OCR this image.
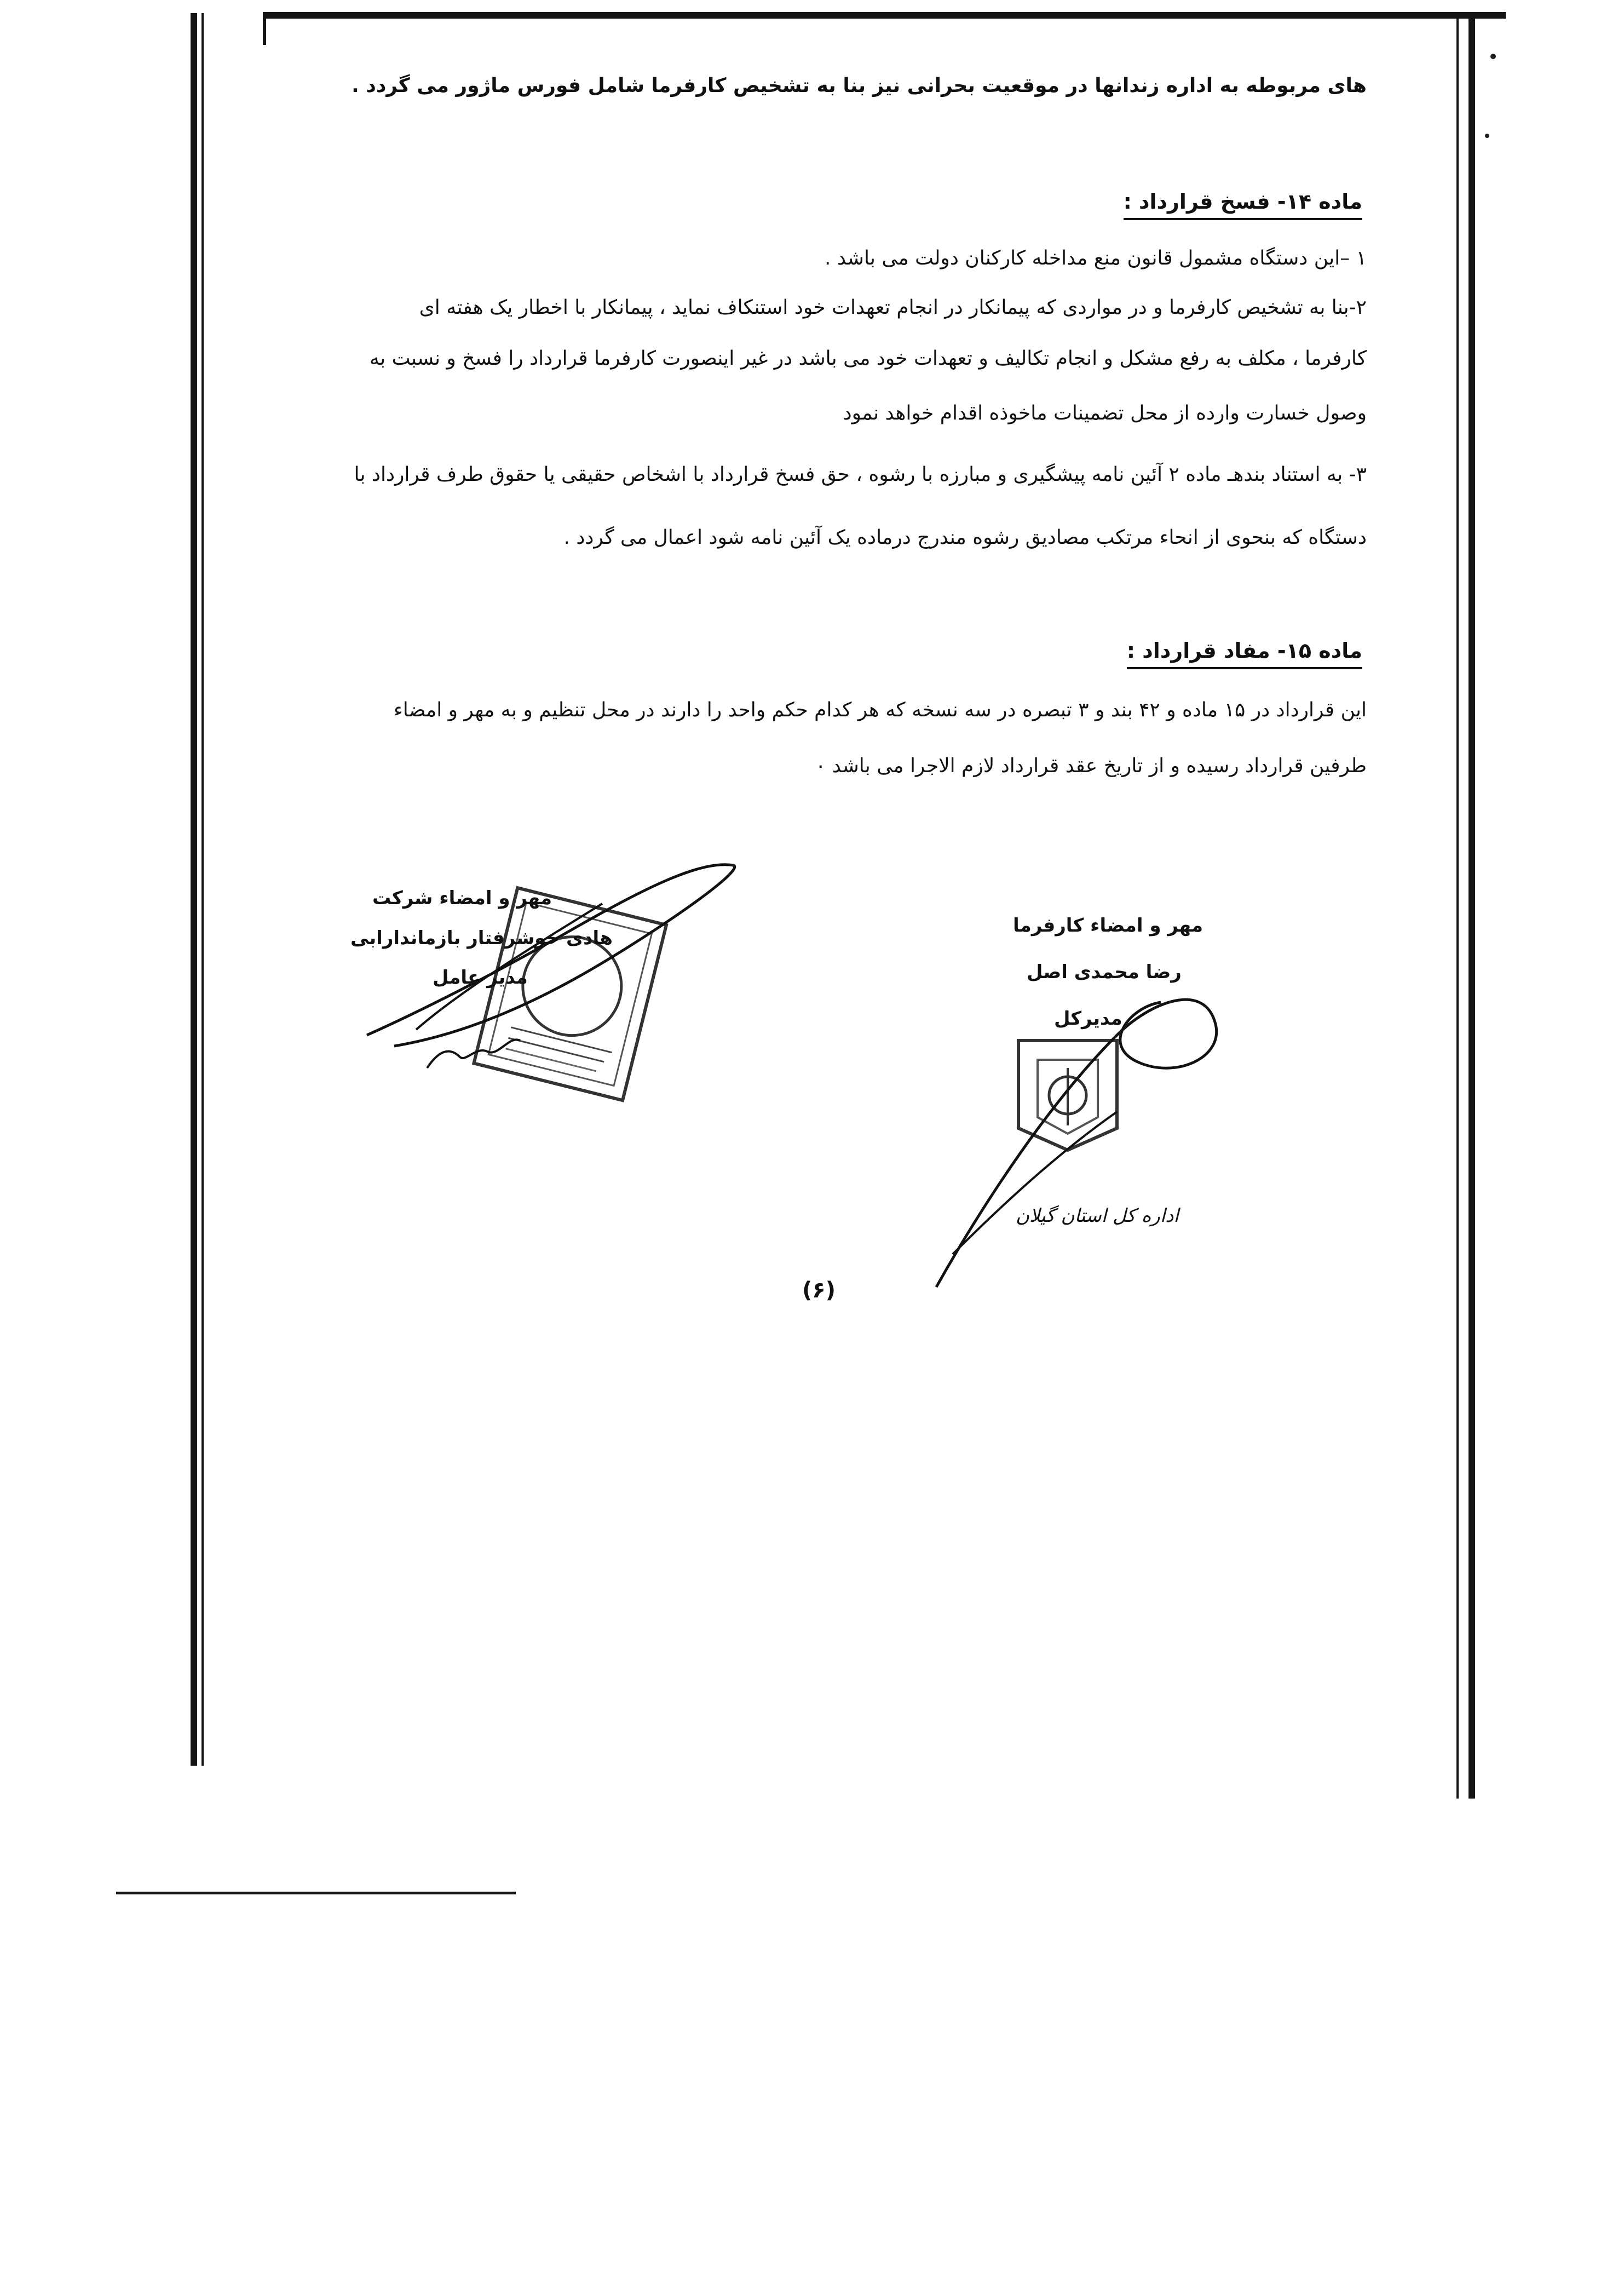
های مربوطه به اداره زندانها در موقعیت بحرانی نیز بنا به تشخیص کارفرما شامل فورس ماژور می گردد .
ماده ۱۴- فسخ قرارداد :
۱ –این دستگاه مشمول قانون منع مداخله کارکنان دولت می باشد .
۲-بنا به تشخیص کارفرما و در مواردی که پیمانکار در انجام تعهدات خود استنکاف نماید ، پیمانکار با اخطار یک هفته ای
کارفرما ، مکلف به رفع مشکل و انجام تکالیف و تعهدات خود می باشد در غیر اینصورت کارفرما قرارداد را فسخ و نسبت به
وصول خسارت وارده از محل تضمینات ماخوذه اقدام خواهد نمود
۳- به استناد بندهـ ماده ۲ آئین نامه پیشگیری و مبارزه با رشوه ، حق فسخ قرارداد با اشخاص حقیقی یا حقوق طرف قرارداد با
دستگاه که بنحوی از انحاء مرتکب مصادیق رشوه مندرج درماده یک آئین نامه شود اعمال می گردد .
ماده ۱۵- مفاد قرارداد :
این قرارداد در ۱۵ ماده و ۴۲ بند و ۳ تبصره در سه نسخه که هر کدام حکم واحد را دارند در محل تنظیم و به مهر و امضاء
طرفین قرارداد رسیده و از تاریخ عقد قرارداد لازم الاجرا می باشد ٠
مهر و امضاء شرکت
هادی خوشرفتار بازماندارابی
مدیر عامل
مهر و امضاء کارفرما
رضا محمدی اصل
مدیرکل
اداره کل استان گیلان
(۶)
